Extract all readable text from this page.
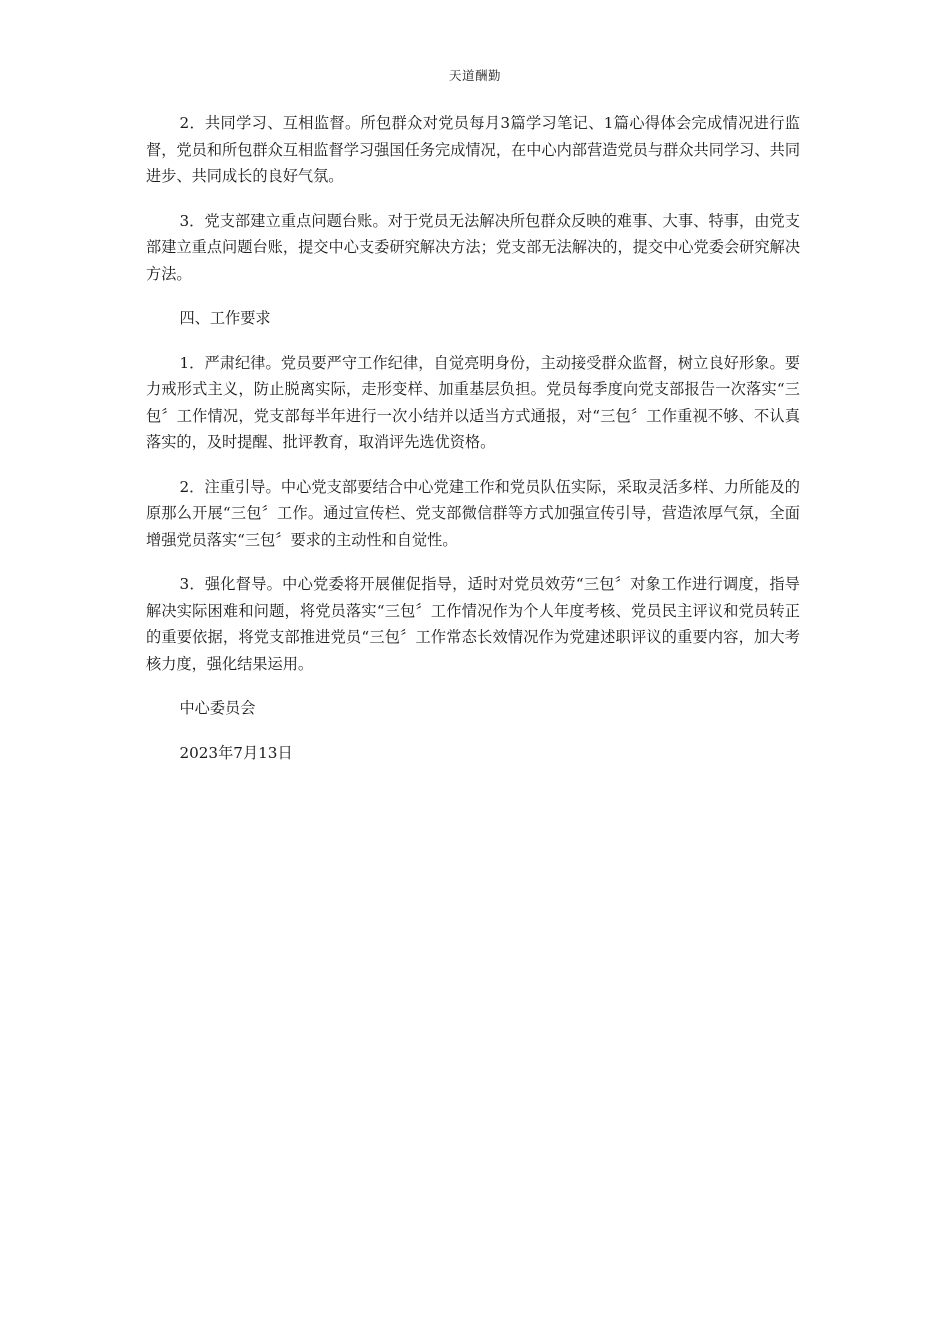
天道酬勤

2．共同学习、互相监督。所包群众对党员每月3篇学习笔记、1篇心得体会完成情况进行监督，党员和所包群众互相监督学习强国任务完成情况，在中心内部营造党员与群众共同学习、共同进步、共同成长的良好气氛。

3．党支部建立重点问题台账。对于党员无法解决所包群众反映的难事、大事、特事，由党支部建立重点问题台账，提交中心支委研究解决方法；党支部无法解决的，提交中心党委会研究解决方法。

四、工作要求

1．严肃纪律。党员要严守工作纪律，自觉亮明身份，主动接受群众监督，树立良好形象。要力戒形式主义，防止脱离实际，走形变样、加重基层负担。党员每季度向党支部报告一次落实“三包〞工作情况，党支部每半年进行一次小结并以适当方式通报，对“三包〞工作重视不够、不认真落实的，及时提醒、批评教育，取消评先选优资格。

2．注重引导。中心党支部要结合中心党建工作和党员队伍实际，采取灵活多样、力所能及的原那么开展“三包〞工作。通过宣传栏、党支部微信群等方式加强宣传引导，营造浓厚气氛，全面增强党员落实“三包〞要求的主动性和自觉性。

3．强化督导。中心党委将开展催促指导，适时对党员效劳“三包〞对象工作进行调度，指导解决实际困难和问题，将党员落实“三包〞工作情况作为个人年度考核、党员民主评议和党员转正的重要依据，将党支部推进党员“三包〞工作常态长效情况作为党建述职评议的重要内容，加大考核力度，强化结果运用。

中心委员会

2023年7月13日
